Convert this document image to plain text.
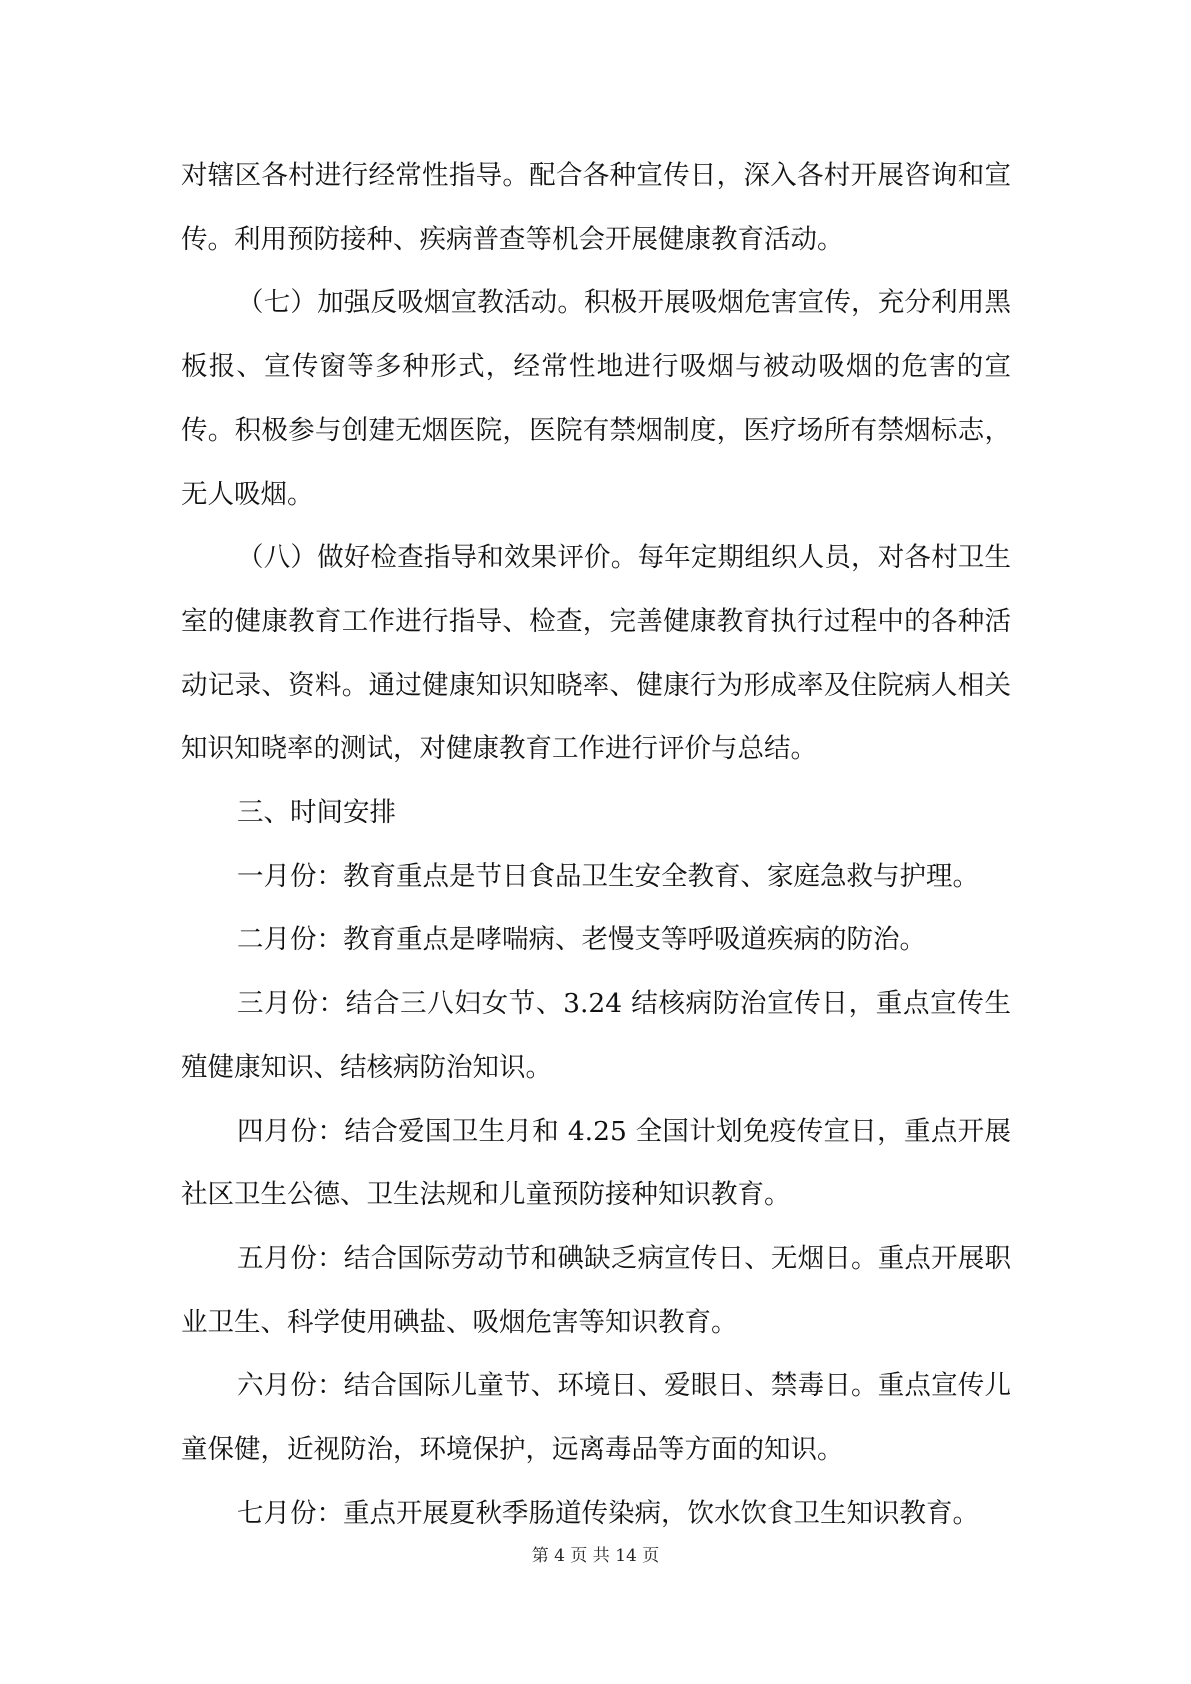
对辖区各村进行经常性指导。配合各种宣传日，深入各村开展咨询和宣传。利用预防接种、疾病普查等机会开展健康教育活动。

（七）加强反吸烟宣教活动。积极开展吸烟危害宣传，充分利用黑板报、宣传窗等多种形式，经常性地进行吸烟与被动吸烟的危害的宣传。积极参与创建无烟医院，医院有禁烟制度，医疗场所有禁烟标志，无人吸烟。

（八）做好检查指导和效果评价。每年定期组织人员，对各村卫生室的健康教育工作进行指导、检查，完善健康教育执行过程中的各种活动记录、资料。通过健康知识知晓率、健康行为形成率及住院病人相关知识知晓率的测试，对健康教育工作进行评价与总结。

三、时间安排

一月份：教育重点是节日食品卫生安全教育、家庭急救与护理。

二月份：教育重点是哮喘病、老慢支等呼吸道疾病的防治。

三月份：结合三八妇女节、3.24 结核病防治宣传日，重点宣传生殖健康知识、结核病防治知识。

四月份：结合爱国卫生月和 4.25 全国计划免疫传宣日，重点开展社区卫生公德、卫生法规和儿童预防接种知识教育。

五月份：结合国际劳动节和碘缺乏病宣传日、无烟日。重点开展职业卫生、科学使用碘盐、吸烟危害等知识教育。

六月份：结合国际儿童节、环境日、爱眼日、禁毒日。重点宣传儿童保健，近视防治，环境保护，远离毒品等方面的知识。

七月份：重点开展夏秋季肠道传染病，饮水饮食卫生知识教育。

第 4 页 共 14 页
